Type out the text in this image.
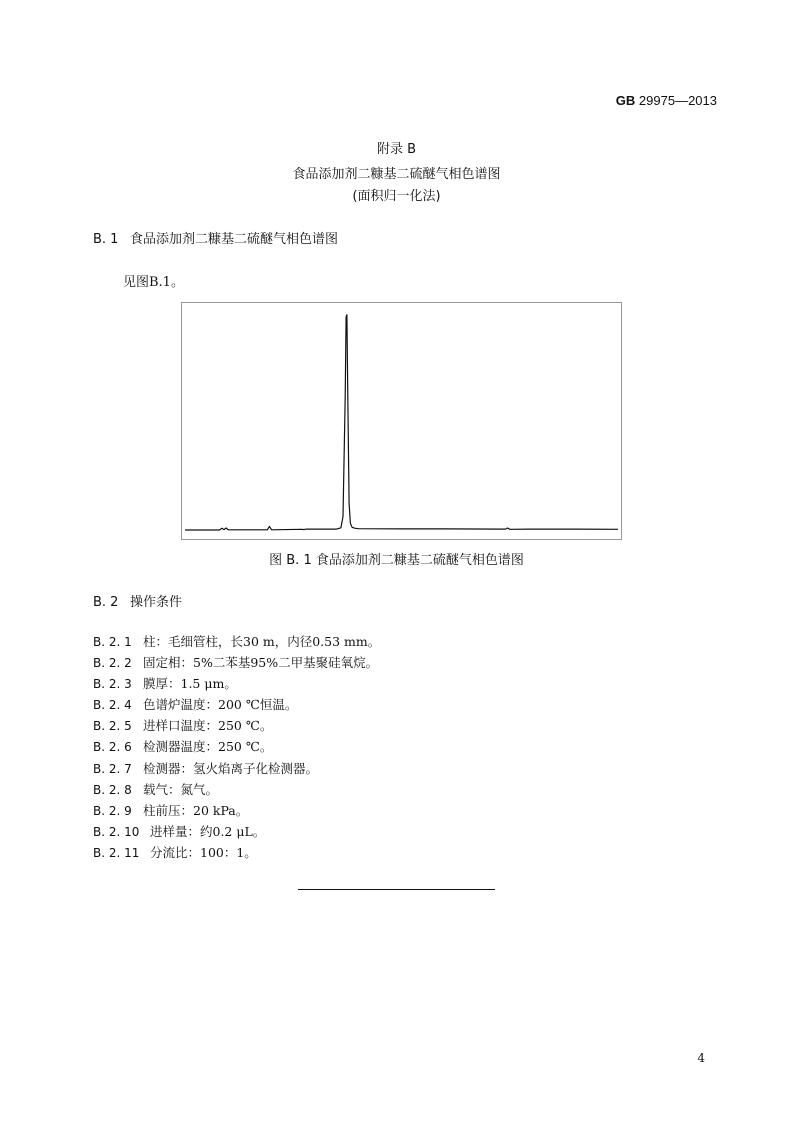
GB 29975—2013
附录 B
食品添加剂二糠基二硫醚气相色谱图
(面积归一化法)
B. 1 食品添加剂二糠基二硫醚气相色谱图
见图B.1。
图 B. 1 食品添加剂二糠基二硫醚气相色谱图
B. 2 操作条件
B. 2. 1 柱：毛细管柱，长30 m，内径0.53 mm。
B. 2. 2 固定相：5%二苯基95%二甲基聚硅氧烷。
B. 2. 3 膜厚：1.5 μm。
B. 2. 4 色谱炉温度：200 ℃恒温。
B. 2. 5 进样口温度：250 ℃。
B. 2. 6 检测器温度：250 ℃。
B. 2. 7 检测器：氢火焰离子化检测器。
B. 2. 8 载气：氮气。
B. 2. 9 柱前压：20 kPa。
B. 2. 10 进样量：约0.2 μL。
B. 2. 11 分流比：100：1。
4
